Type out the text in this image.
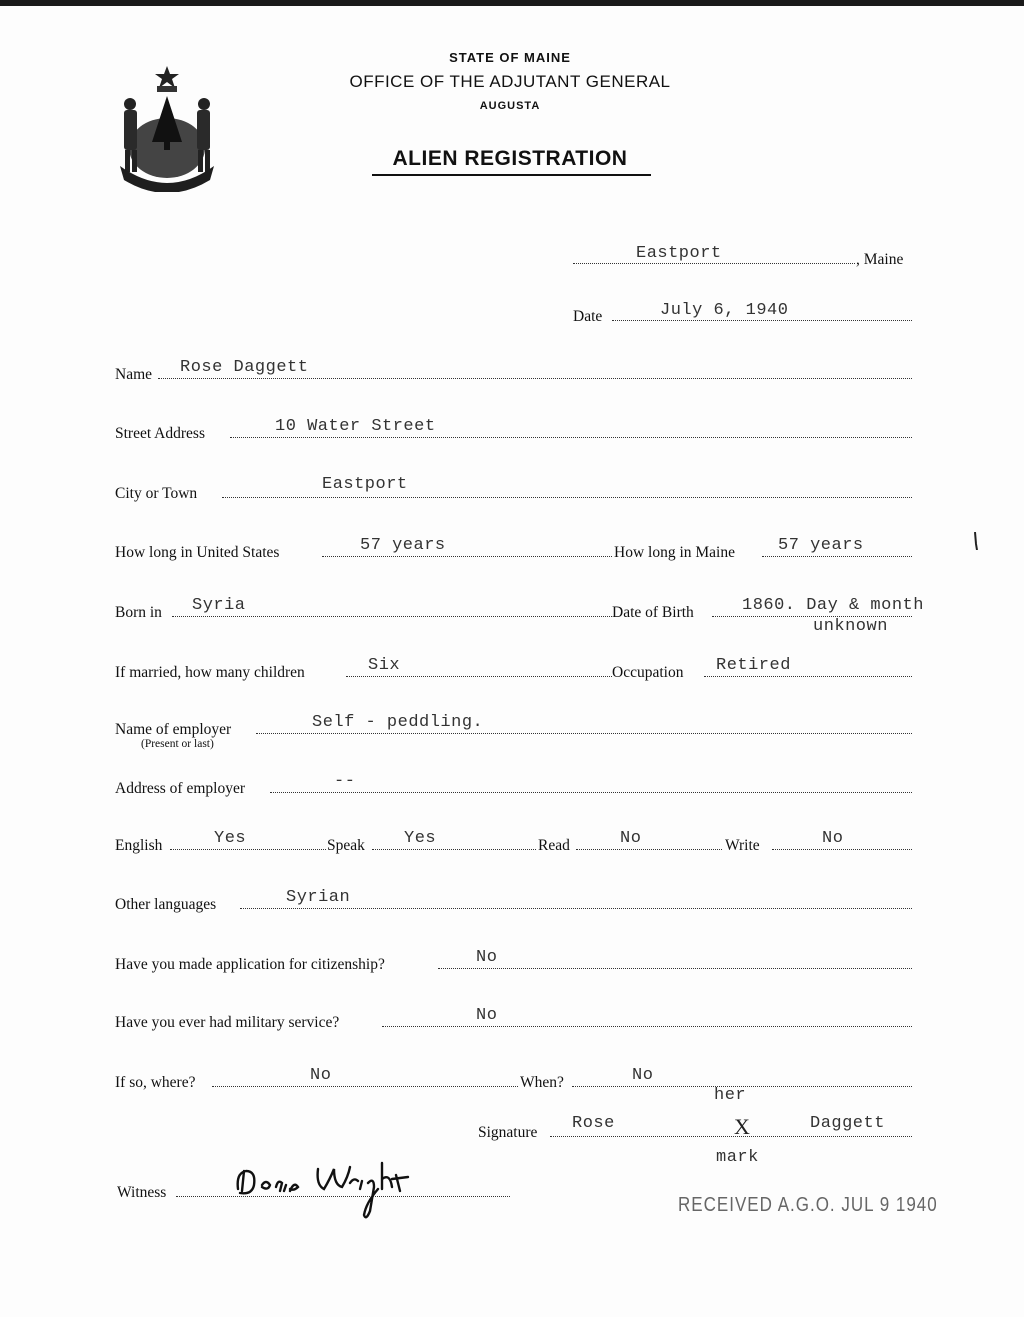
STATE OF MAINE
OFFICE OF THE ADJUTANT GENERAL
AUGUSTA
ALIEN REGISTRATION
Eastport	, Maine
Date	July 6, 1940
Name Rose Daggett
Street Address	10 Water Street
City or Town	Eastport
How long in United States	57 years	How long in Maine	57 years
Born in Syria	Date of Birth	1860. Day & month
unknown
If married, how many children	Six	Occupation Retired
Name of employer
(Present or last)
Self - peddling.
Address of employer	--
English	Yes	Speak Yes	Read	No	Write	No
Other languages	Syrian
Have you made application for citizenship?	No
Have you ever had military service?	No
If so, where?	No	When?	No
her
Signature Rose	X	Daggett
mark
Witness
RECEIVED A.G.O. JUL 9 1940
